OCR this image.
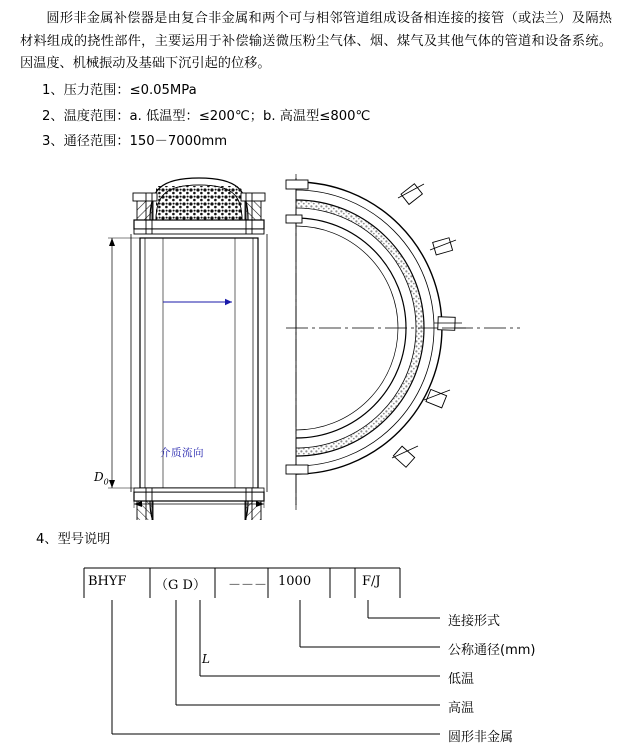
圆形非金属补偿器是由复合非金属和两个可与相邻管道组成设备相连接的接管（或法兰）及隔热材料组成的挠性部件，主要运用于补偿输送微压粉尘气体、烟、煤气及其他气体的管道和设备系统。因温度、机械振动及基础下沉引起的位移。
1、压力范围：≤0.05MPa
2、温度范围：a. 低温型：≤200℃；b. 高温型≤800℃
3、通径范围：150－7000mm
介质流向
$D_0$
L
4、型号说明
BHYF （G D） －－－ 1000	F/J
连接形式
公称通径(mm)
低温
高温
圆形非金属
